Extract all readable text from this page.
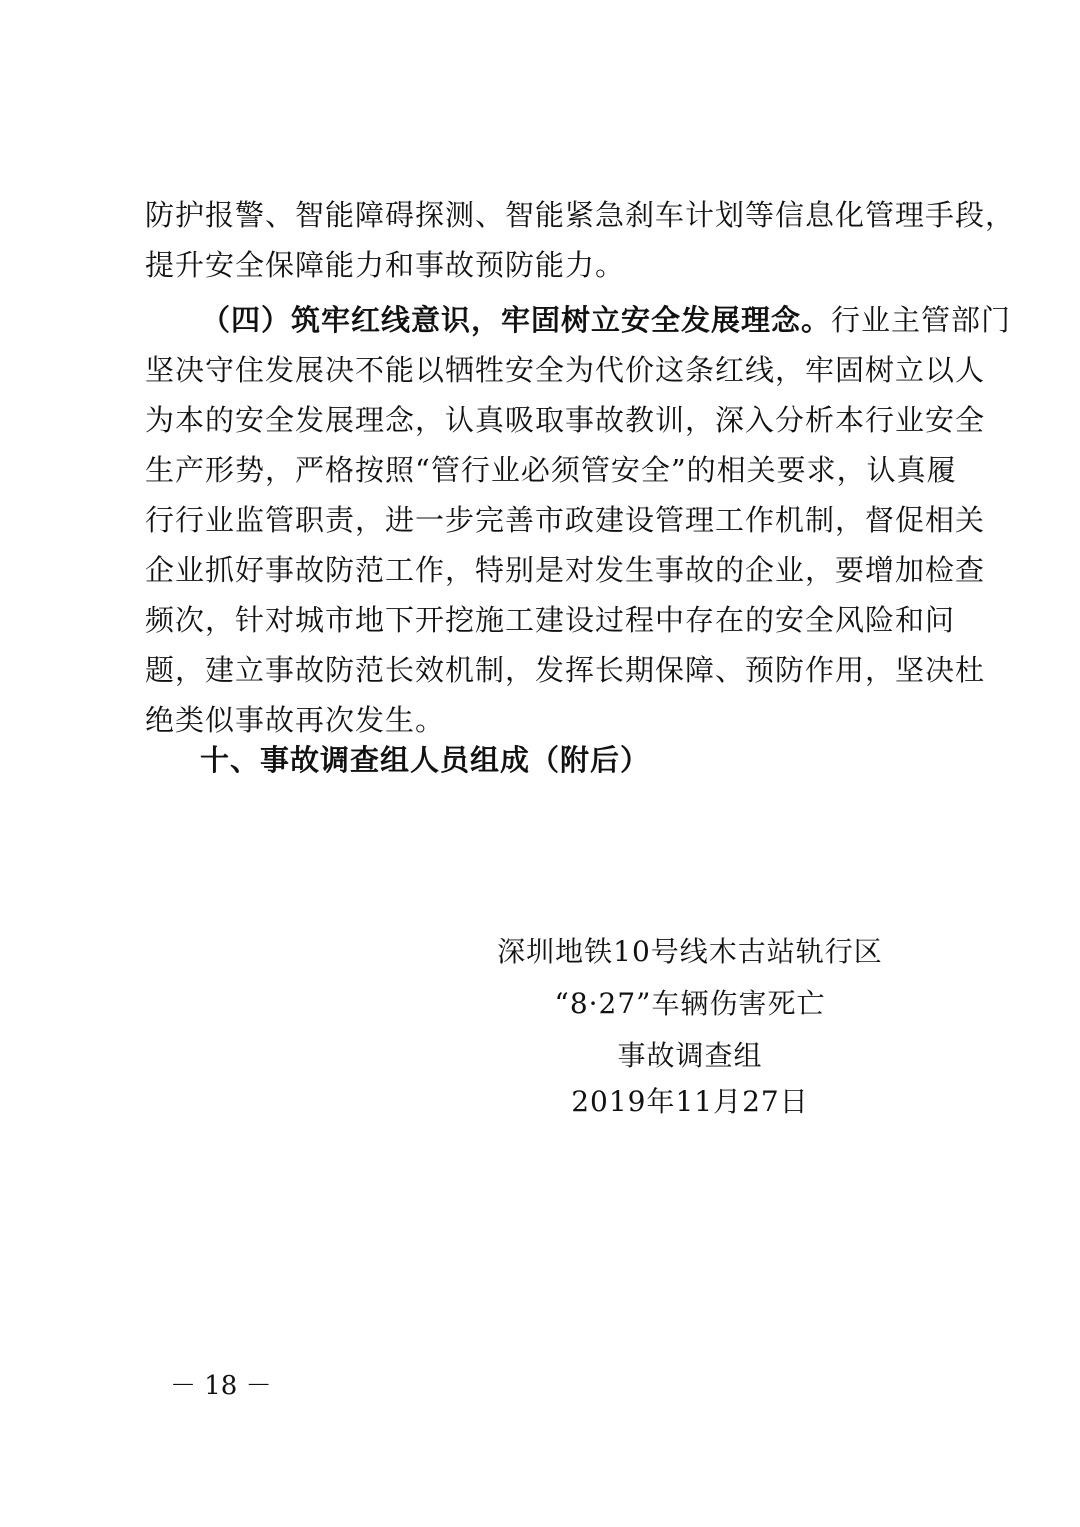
防护报警、智能障碍探测、智能紧急刹车计划等信息化管理手段，
提升安全保障能力和事故预防能力。
（四）筑牢红线意识，牢固树立安全发展理念。行业主管部门
坚决守住发展决不能以牺牲安全为代价这条红线，牢固树立以人
为本的安全发展理念，认真吸取事故教训，深入分析本行业安全
生产形势，严格按照“管行业必须管安全”的相关要求，认真履
行行业监管职责，进一步完善市政建设管理工作机制，督促相关
企业抓好事故防范工作，特别是对发生事故的企业，要增加检查
频次，针对城市地下开挖施工建设过程中存在的安全风险和问
题，建立事故防范长效机制，发挥长期保障、预防作用，坚决杜
绝类似事故再次发生。
十、事故调查组人员组成（附后）
深圳地铁10号线木古站轨行区
“8·27”车辆伤害死亡
事故调查组
2019年11月27日
－ 18 －
